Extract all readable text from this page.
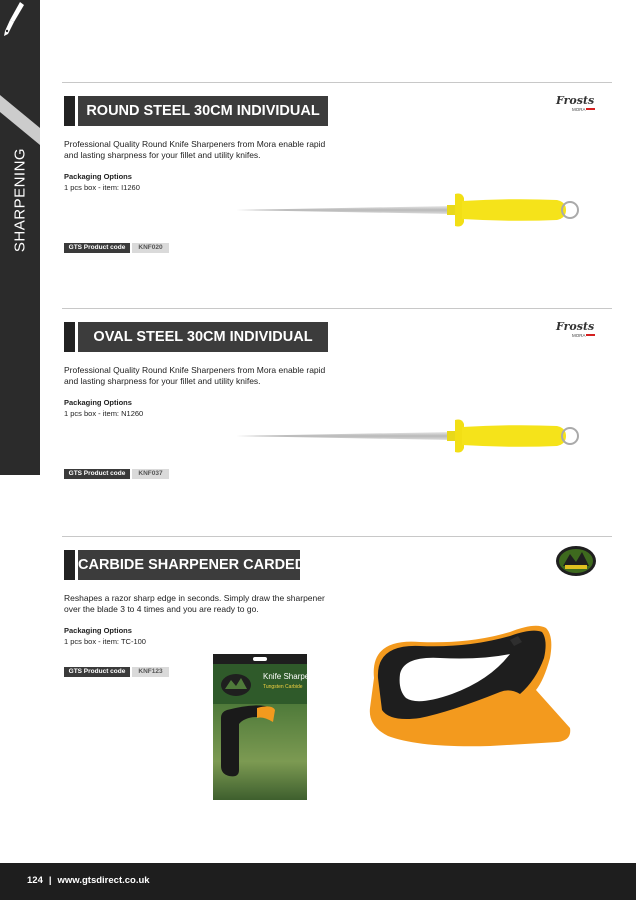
SHARPENING
ROUND STEEL 30CM INDIVIDUAL
Frosts
MORA
Professional Quality Round Knife Sharpeners from Mora enable rapid and lasting sharpness for your fillet and utility knifes.
Packaging Options
1 pcs box - item: I1260
GTS Product code	KNF020
OVAL STEEL 30CM INDIVIDUAL
Frosts
MORA
Professional Quality Round Knife Sharpeners from Mora enable rapid and lasting sharpness for your fillet and utility knifes.
Packaging Options
1 pcs box - item: N1260
GTS Product code	KNF037
CARBIDE SHARPENER CARDED
Reshapes a razor sharp edge in seconds. Simply draw the sharpener over the blade 3 to 4 times and you are ready to go.
Packaging Options
1 pcs box - item: TC-100
GTS Product code	KNF123
Knife Sharpener
Tungsten Carbide
124 | www.gtsdirect.co.uk
